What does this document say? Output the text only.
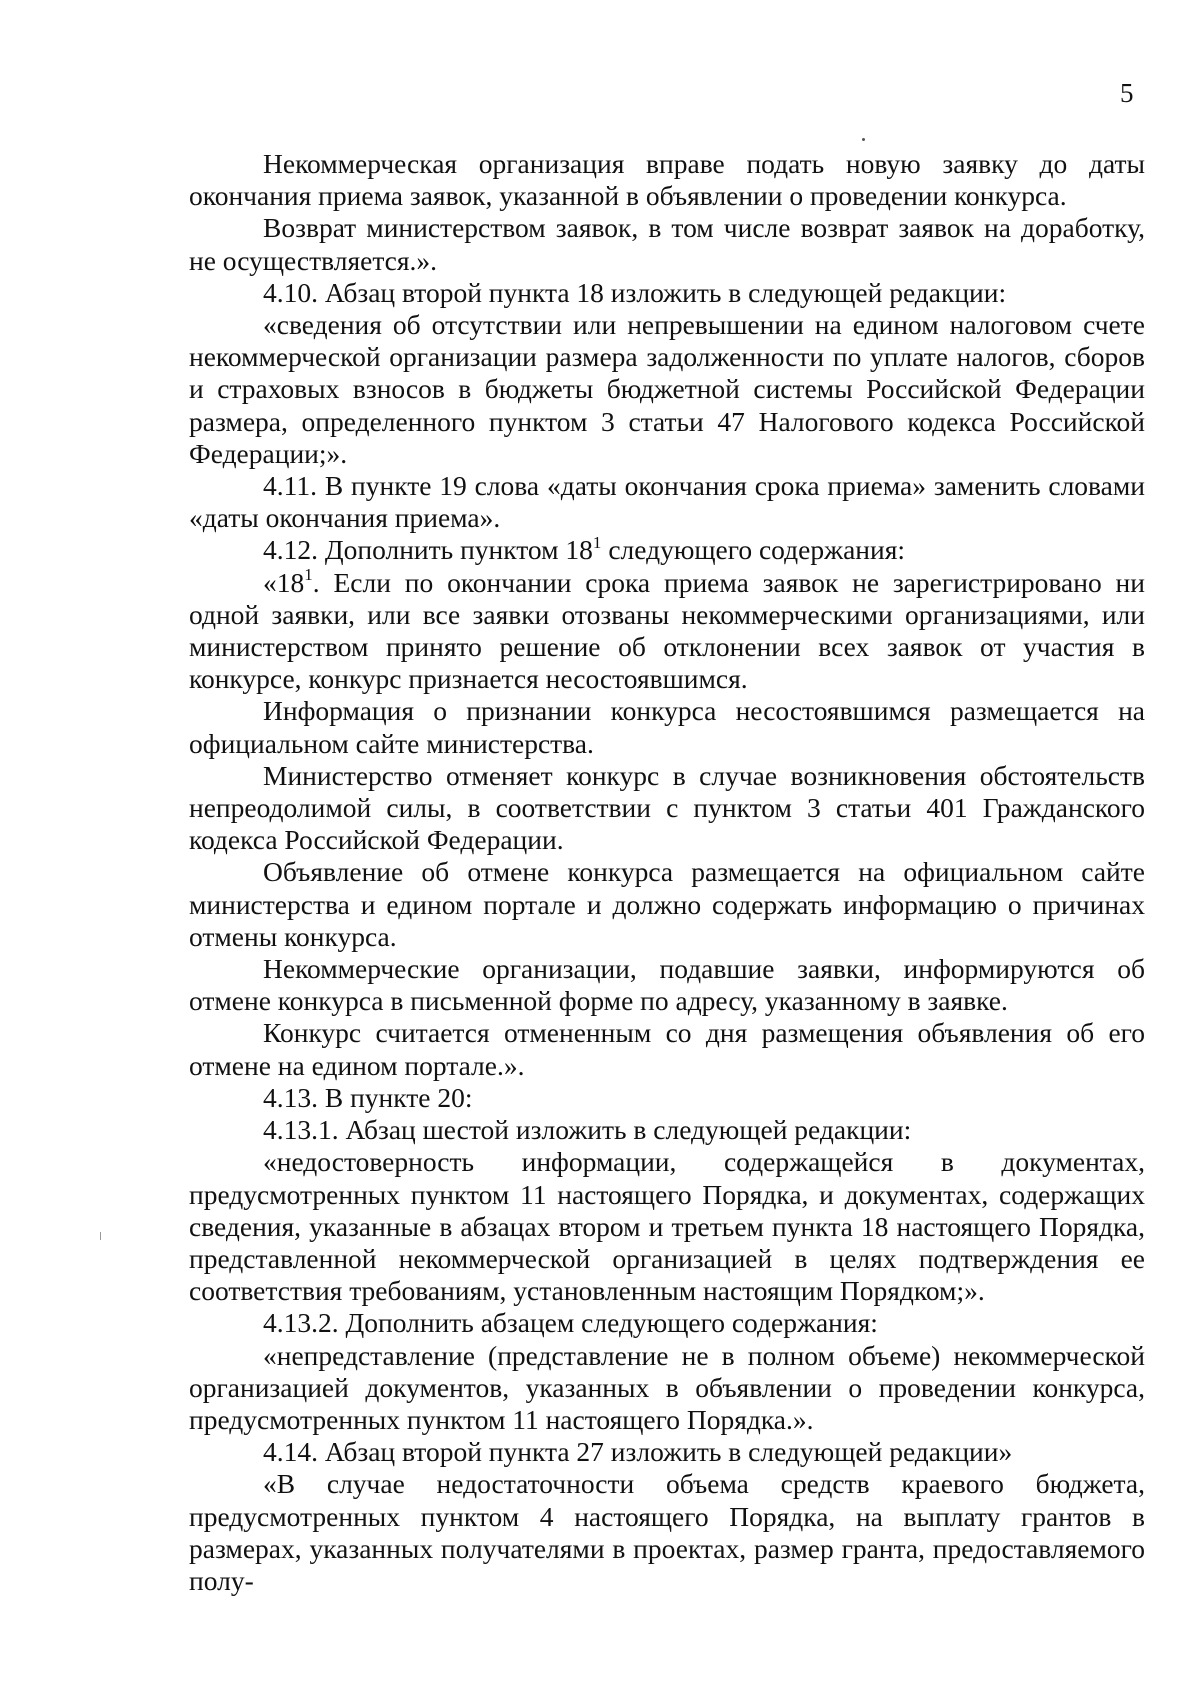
5

Некоммерческая организация вправе подать новую заявку до даты окончания приема заявок, указанной в объявлении о проведении конкурса.

Возврат министерством заявок, в том числе возврат заявок на доработку, не осуществляется.».

4.10. Абзац второй пункта 18 изложить в следующей редакции:

«сведения об отсутствии или непревышении на едином налоговом счете некоммерческой организации размера задолженности по уплате налогов, сборов и страховых взносов в бюджеты бюджетной системы Российской Федерации размера, определенного пунктом 3 статьи 47 Налогового кодекса Российской Федерации;».

4.11. В пункте 19 слова «даты окончания срока приема» заменить словами «даты окончания приема».

4.12. Дополнить пунктом $18^1$ следующего содержания:

«$18^1$. Если по окончании срока приема заявок не зарегистрировано ни одной заявки, или все заявки отозваны некоммерческими организациями, или министерством принято решение об отклонении всех заявок от участия в конкурсе, конкурс признается несостоявшимся.

Информация о признании конкурса несостоявшимся размещается на официальном сайте министерства.

Министерство отменяет конкурс в случае возникновения обстоятельств непреодолимой силы, в соответствии с пунктом 3 статьи 401 Гражданского кодекса Российской Федерации.

Объявление об отмене конкурса размещается на официальном сайте министерства и едином портале и должно содержать информацию о причинах отмены конкурса.

Некоммерческие организации, подавшие заявки, информируются об отмене конкурса в письменной форме по адресу, указанному в заявке.

Конкурс считается отмененным со дня размещения объявления об его отмене на едином портале.».

4.13. В пункте 20:

4.13.1. Абзац шестой изложить в следующей редакции:

«недостоверность информации, содержащейся в документах, предусмотренных пунктом 11 настоящего Порядка, и документах, содержащих сведения, указанные в абзацах втором и третьем пункта 18 настоящего Порядка, представленной некоммерческой организацией в целях подтверждения ее соответствия требованиям, установленным настоящим Порядком;».

4.13.2. Дополнить абзацем следующего содержания:

«непредставление (представление не в полном объеме) некоммерческой организацией документов, указанных в объявлении о проведении конкурса, предусмотренных пунктом 11 настоящего Порядка.».

4.14. Абзац второй пункта 27 изложить в следующей редакции»

«В случае недостаточности объема средств краевого бюджета, предусмотренных пунктом 4 настоящего Порядка, на выплату грантов в размерах, указанных получателями в проектах, размер гранта, предоставляемого полу-
